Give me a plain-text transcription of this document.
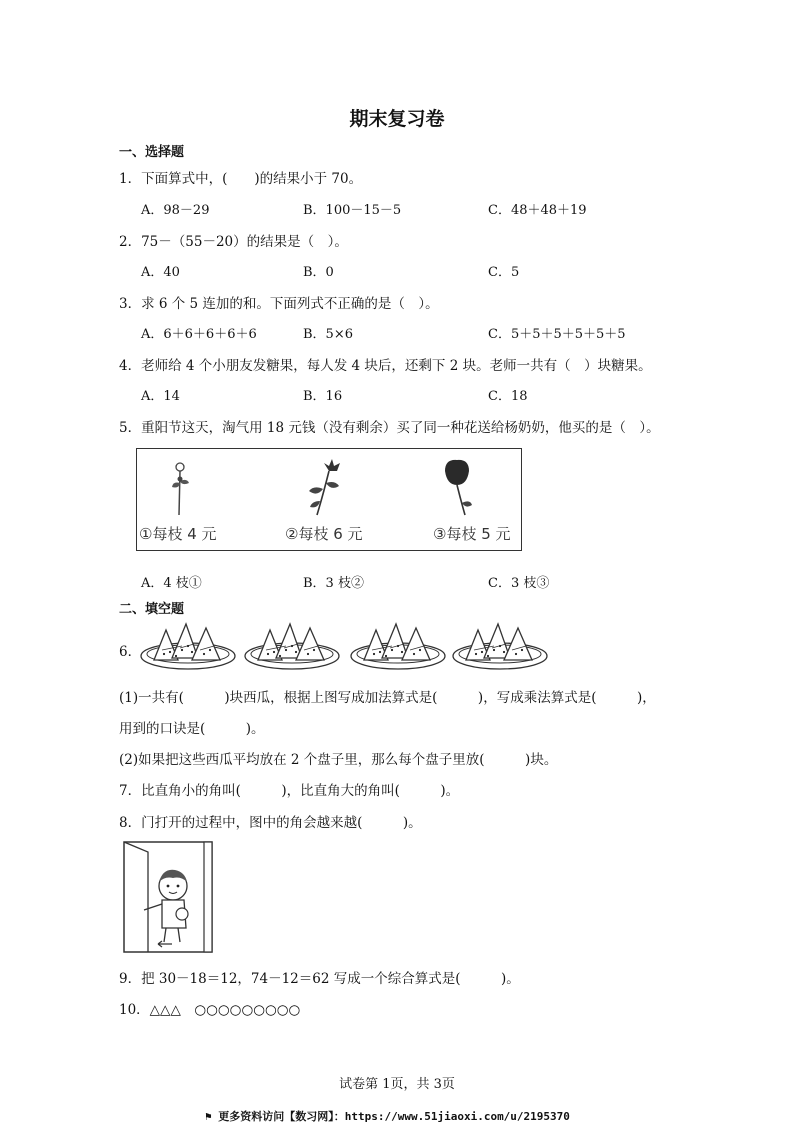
期末复习卷
一、选择题
1．下面算式中，(　　)的结果小于 70。
A．98－29	B．100－15－5	C．48＋48＋19
2．75－（55－20）的结果是（　）。
A．40	B．0	C．5
3．求 6 个 5 连加的和。下面列式不正确的是（　）。
A．6＋6＋6＋6＋6	B．5×6	C．5＋5＋5＋5＋5＋5
4．老师给 4 个小朋友发糖果，每人发 4 块后，还剩下 2 块。老师一共有（　）块糖果。
A．14	B．16	C．18
5．重阳节这天，淘气用 18 元钱（没有剩余）买了同一种花送给杨奶奶，他买的是（　）。
①每枝 4 元	②每枝 6 元	③每枝 5 元
A．4 枝①	B．3 枝②	C．3 枝③
二、填空题
6．
(1)一共有(　　　)块西瓜，根据上图写成加法算式是(　　　)，写成乘法算式是(　　　)，
用到的口诀是(　　　)。
(2)如果把这些西瓜平均放在 2 个盘子里，那么每个盘子里放(　　　)块。
7．比直角小的角叫(　　　)，比直角大的角叫(　　　)。
8．门打开的过程中，图中的角会越来越(　　　)。
9．把 30－18＝12，74－12＝62 写成一个综合算式是(　　　)。
10．△△△　○○○○○○○○○
试卷第 1页，共 3页
⚑ 更多资料访问【数习网】：https://www.51jiaoxi.com/u/2195370
